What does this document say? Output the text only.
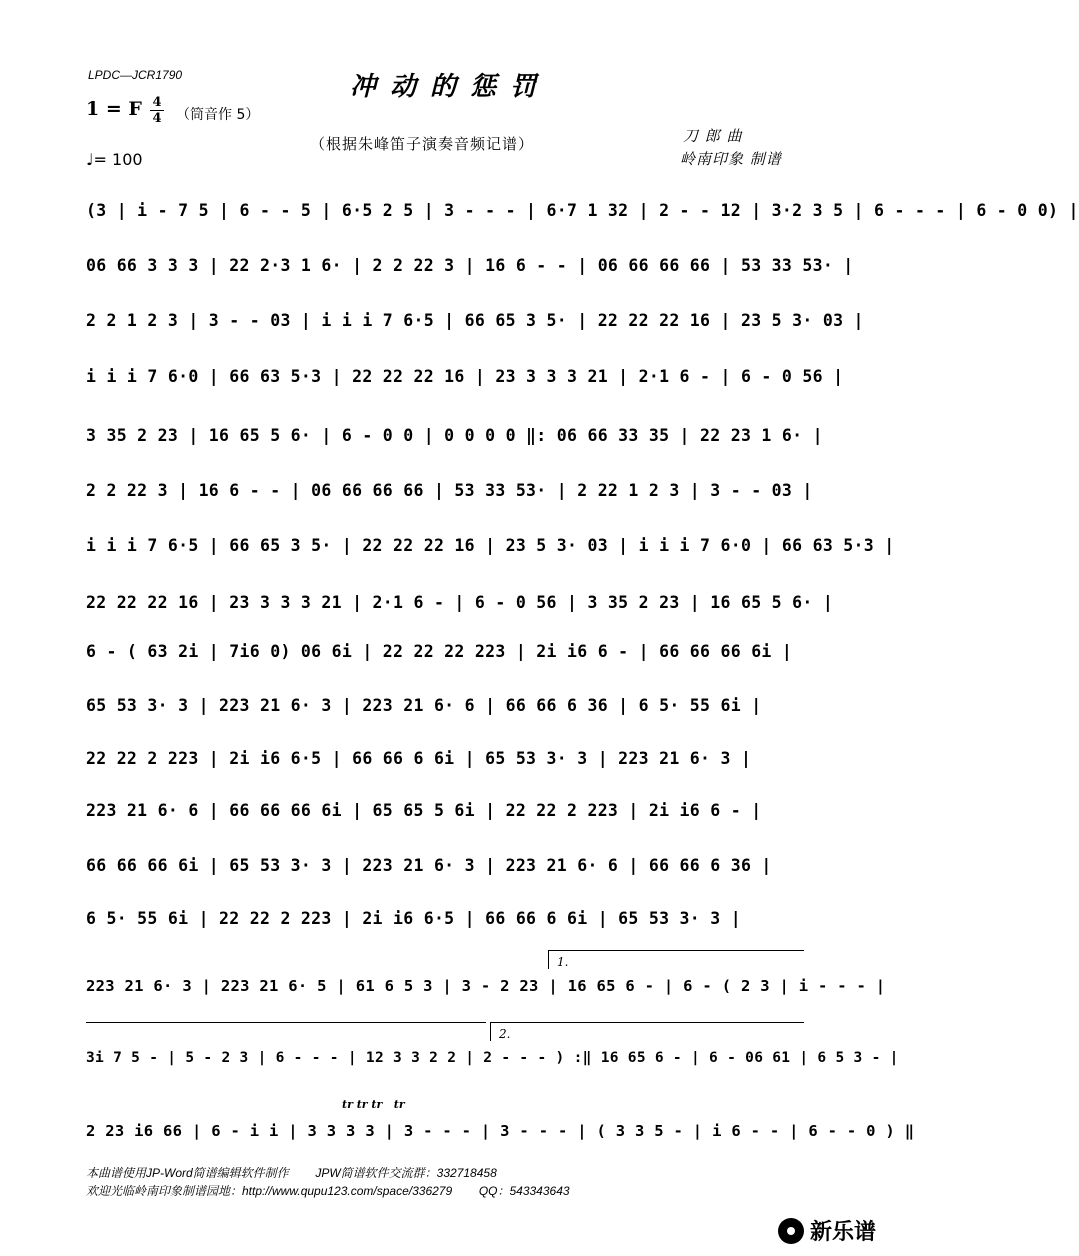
LPDC—JCR1790	冲动的惩罚
1 = F 4
4 （筒音作 5）
（根据朱峰笛子演奏音频记谱）
♩= 100
刀 郎 曲
岭南印象 制谱
(3 | i - 7 5 | 6 - - 5 | 6·5 2 5 | 3 - - - | 6·7 1 32 | 2 - - 12 | 3·2 3 5 | 6 - - - | 6 - 0 0) |
06 66 3 3 3 | 22 2·3 1 6· | 2 2 22 3 | 16 6 - - | 06 66 66 66 | 53 33 53· |
2 2 1 2 3 | 3 - - 03 | i i i 7 6·5 | 66 65 3 5· | 22 22 22 16 | 23 5 3· 03 |
i i i 7 6·0 | 66 63 5·3 | 22 22 22 16 | 23 3 3 3 21 | 2·1 6 - | 6 - 0 56 |
3 35 2 23 | 16 65 5 6· | 6 - 0 0 | 0 0 0 0 ‖: 06 66 33 35 | 22 23 1 6· |
2 2 22 3 | 16 6 - - | 06 66 66 66 | 53 33 53· | 2 22 1 2 3 | 3 - - 03 |
i i i 7 6·5 | 66 65 3 5· | 22 22 22 16 | 23 5 3· 03 | i i i 7 6·0 | 66 63 5·3 |
22 22 22 16 | 23 3 3 3 21 | 2·1 6 - | 6 - 0 56 | 3 35 2 23 | 16 65 5 6· |
6 - ( 63 2i | 7i6 0) 06 6i | 22 22 22 223 | 2i i6 6 - | 66 66 66 6i |
65 53 3· 3 | 223 21 6· 3 | 223 21 6· 6 | 66 66 6 36 | 6 5· 55 6i |
22 22 2 223 | 2i i6 6·5 | 66 66 6 6i | 65 53 3· 3 | 223 21 6· 3 |
223 21 6· 6 | 66 66 66 6i | 65 65 5 6i | 22 22 2 223 | 2i i6 6 - |
66 66 66 6i | 65 53 3· 3 | 223 21 6· 3 | 223 21 6· 6 | 66 66 6 36 |
6 5· 55 6i | 22 22 2 223 | 2i i6 6·5 | 66 66 6 6i | 65 53 3· 3 |
1.
223 21 6· 3 | 223 21 6· 5 | 61 6 5 3 | 3 - 2 23 | 16 65 6 - | 6 - ( 2 3 | i - - - |
2.
3i 7 5 - | 5 - 2 3 | 6 - - - | 12 3 3 2 2 | 2 - - - ) :‖ 16 65 6 - | 6 - 06 61 | 6 5 3 - |
tr tr tr   tr
2 23 i6 66 | 6 - i i | 3 3 3 3 | 3 - - - | 3 - - - | ( 3 3 5 - | i 6 - - | 6 - - 0 ) ‖
本曲谱使用JP-Word简谱编辑软件制作        JPW简谱软件交流群：332718458
欢迎光临岭南印象制谱园地：http://www.qupu123.com/space/336279        QQ：543343643
新乐谱
